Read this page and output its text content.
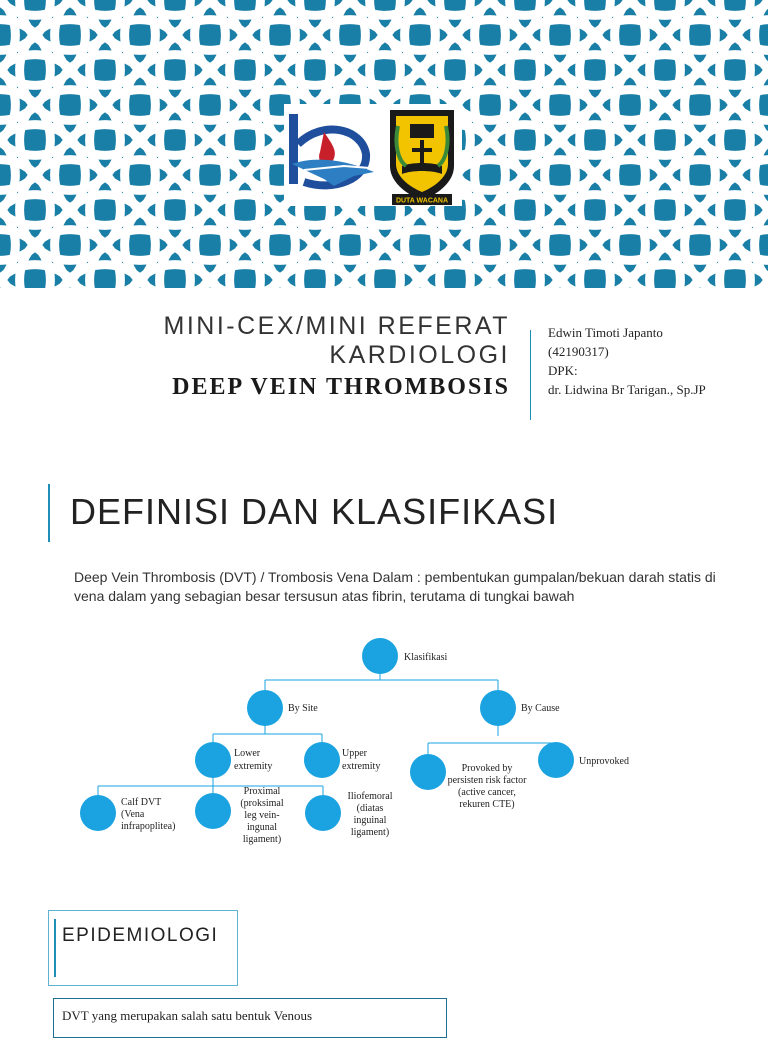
DUTA WACANA
MINI-CEX/MINI REFERAT
KARDIOLOGI
DEEP VEIN THROMBOSIS
Edwin Timoti Japanto
(42190317)
DPK:
dr. Lidwina Br Tarigan., Sp.JP
DEFINISI DAN KLASIFIKASI
Deep Vein Thrombosis (DVT) / Trombosis Vena Dalam : pembentukan gumpalan/bekuan darah statis di vena dalam yang sebagian besar tersusun atas fibrin, terutama di tungkai bawah
Klasifikasi
By Site	By Cause
Lower
extremity
Upper
extremity	Provoked by
persisten risk factor
(active cancer,
rekuren CTE)
Unprovoked
Calf DVT
(Vena
infrapoplitea)
Proximal
(proksimal
leg vein-
ingunal
ligament)
Iliofemoral
(diatas
inguinal
ligament)
EPIDEMIOLOGI
DVT yang merupakan salah satu bentuk Venous
